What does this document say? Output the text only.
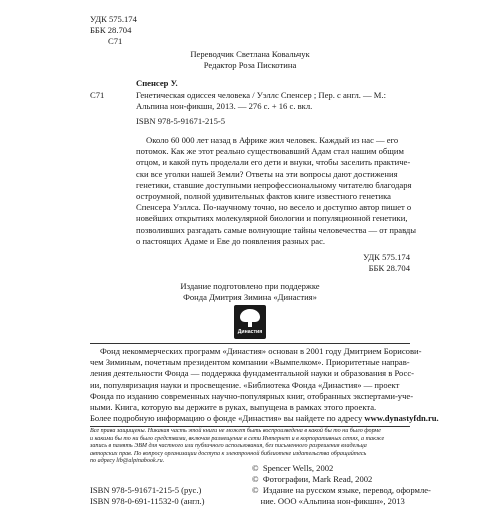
УДК 575.174
ББК 28.704
С71
Переводчик Светлана Ковальчук
Редактор Роза Пискотина
Спенсер У.
С71	Генетическая одиссея человека / Уэллс Спенсер ; Пер. с англ. — М.:
Альпина нон-фикшн, 2013. — 276 с. + 16 с. вкл.
ISBN 978-5-91671-215-5
Около 60 000 лет назад в Африке жил человек. Каждый из нас — его
потомок. Как же этот реально существовавший Адам стал нашим общим
отцом, и какой путь проделали его дети и внуки, чтобы заселить практиче-
ски все уголки нашей Земли? Ответы на эти вопросы дают достижения
генетики, ставшие доступными непрофессиональному читателю благодаря
остроумной, полной удивительных фактов книге известного генетика
Спенсера Уэллса. По-научному точно, но весело и доступно автор пишет о
новейших открытиях молекулярной биологии и популяционной генетики,
позволивших разгадать самые волнующие тайны человечества — от правды
о пастоящих Адаме и Еве до появления разных рас.
УДК 575.174
ББК 28.704
Издание подготовлено при поддержке
Фонда Дмитрия Зимина «Династия»
Династия
Фонд некоммерческих программ «Династия» основан в 2001 году Дмитрием Борисови-
чем Зиминым, почетным президентом компании «Вымпелком». Приоритетные направ-
ления деятельности Фонда — поддержка фундаментальной науки и образования в Росс-
ии, популяризация науки и просвещение. «Библиотека Фонда «Династия» — проект
Фонда по изданию современных научно-популярных книг, отобранных экспертами-уче-
ными. Книга, которую вы держите в руках, выпущена в рамках этого проекта.
Более подробную информацию о фонде «Династия» вы найдете по адресу www.dynastyfdn.ru.
Все права защищены. Никакая часть этой книги не может быть воспроизведена в какой бы то ни было форме
и какими бы то ни было средствами, включая размещение в сети Интернет и в корпоративных сетях, а также
запись в память ЭВМ для частного или публичного использования, без письменного разрешения владельца
авторских прав. По вопросу организации доступа к электронной библиотеке издательства обращайтесь
по адресу lib@alpinabook.ru.
©  Spencer Wells, 2002
©  Фотографии, Mark Read, 2002
©  Издание на русском языке, перевод, оформле-
ние. ООО «Альпина нон-фикшн», 2013
ISBN 978-5-91671-215-5 (рус.)
ISBN 978-0-691-11532-0 (англ.)
